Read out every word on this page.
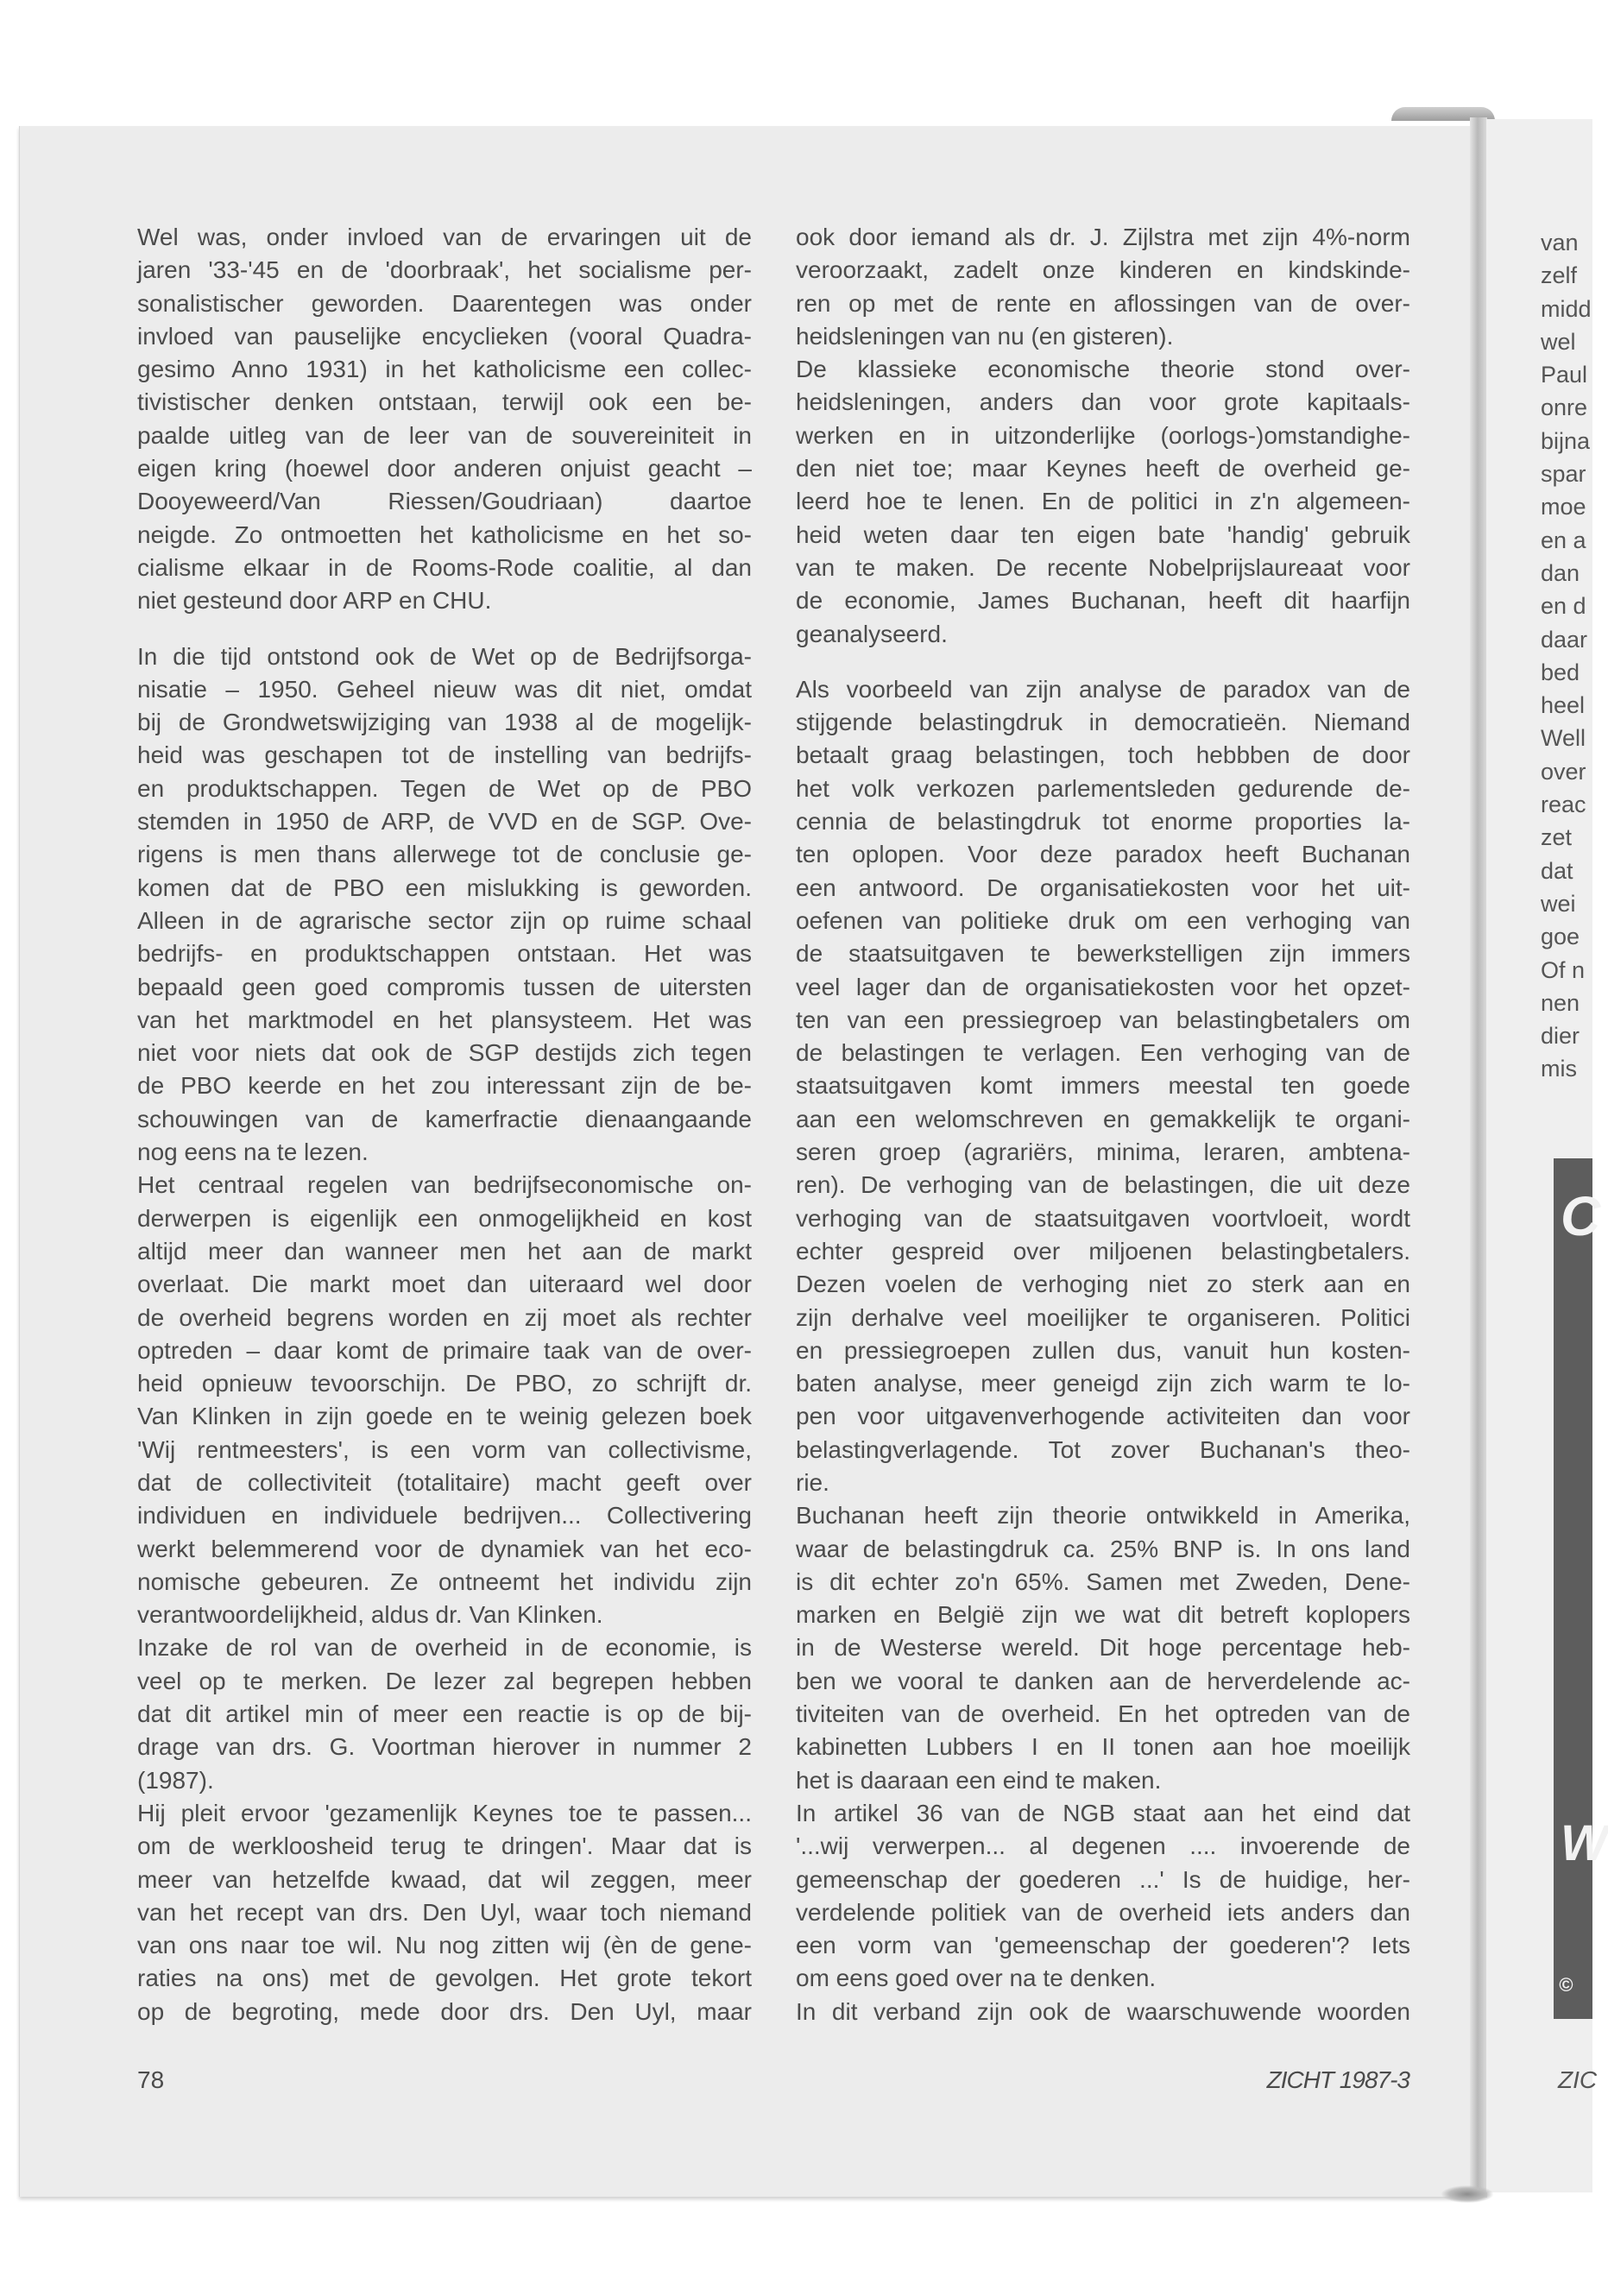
Wel was, onder invloed van de ervaringen uit de
jaren '33-'45 en de 'doorbraak', het socialisme per-
sonalistischer geworden. Daarentegen was onder
invloed van pauselijke encyclieken (vooral Quadra-
gesimo Anno 1931) in het katholicisme een collec-
tivistischer denken ontstaan, terwijl ook een be-
paalde uitleg van de leer van de souvereiniteit in
eigen kring (hoewel door anderen onjuist geacht –
Dooyeweerd/Van Riessen/Goudriaan) daartoe
neigde. Zo ontmoetten het katholicisme en het so-
cialisme elkaar in de Rooms-Rode coalitie, al dan
niet gesteund door ARP en CHU.
In die tijd ontstond ook de Wet op de Bedrijfsorga-
nisatie – 1950. Geheel nieuw was dit niet, omdat
bij de Grondwetswijziging van 1938 al de mogelijk-
heid was geschapen tot de instelling van bedrijfs-
en produktschappen. Tegen de Wet op de PBO
stemden in 1950 de ARP, de VVD en de SGP. Ove-
rigens is men thans allerwege tot de conclusie ge-
komen dat de PBO een mislukking is geworden.
Alleen in de agrarische sector zijn op ruime schaal
bedrijfs- en produktschappen ontstaan. Het was
bepaald geen goed compromis tussen de uitersten
van het marktmodel en het plansysteem. Het was
niet voor niets dat ook de SGP destijds zich tegen
de PBO keerde en het zou interessant zijn de be-
schouwingen van de kamerfractie dienaangaande
nog eens na te lezen.
Het centraal regelen van bedrijfseconomische on-
derwerpen is eigenlijk een onmogelijkheid en kost
altijd meer dan wanneer men het aan de markt
overlaat. Die markt moet dan uiteraard wel door
de overheid begrens worden en zij moet als rechter
optreden – daar komt de primaire taak van de over-
heid opnieuw tevoorschijn. De PBO, zo schrijft dr.
Van Klinken in zijn goede en te weinig gelezen boek
'Wij rentmeesters', is een vorm van collectivisme,
dat de collectiviteit (totalitaire) macht geeft over
individuen en individuele bedrijven... Collectivering
werkt belemmerend voor de dynamiek van het eco-
nomische gebeuren. Ze ontneemt het individu zijn
verantwoordelijkheid, aldus dr. Van Klinken.
Inzake de rol van de overheid in de economie, is
veel op te merken. De lezer zal begrepen hebben
dat dit artikel min of meer een reactie is op de bij-
drage van drs. G. Voortman hierover in nummer 2
(1987).
Hij pleit ervoor 'gezamenlijk Keynes toe te passen...
om de werkloosheid terug te dringen'. Maar dat is
meer van hetzelfde kwaad, dat wil zeggen, meer
van het recept van drs. Den Uyl, waar toch niemand
van ons naar toe wil. Nu nog zitten wij (èn de gene-
raties na ons) met de gevolgen. Het grote tekort
op de begroting, mede door drs. Den Uyl, maar
ook door iemand als dr. J. Zijlstra met zijn 4%-norm
veroorzaakt, zadelt onze kinderen en kindskinde-
ren op met de rente en aflossingen van de over-
heidsleningen van nu (en gisteren).
De klassieke economische theorie stond over-
heidsleningen, anders dan voor grote kapitaals-
werken en in uitzonderlijke (oorlogs-)omstandighe-
den niet toe; maar Keynes heeft de overheid ge-
leerd hoe te lenen. En de politici in z'n algemeen-
heid weten daar ten eigen bate 'handig' gebruik
van te maken. De recente Nobelprijslaureaat voor
de economie, James Buchanan, heeft dit haarfijn
geanalyseerd.
Als voorbeeld van zijn analyse de paradox van de
stijgende belastingdruk in democratieën. Niemand
betaalt graag belastingen, toch hebbben de door
het volk verkozen parlementsleden gedurende de-
cennia de belastingdruk tot enorme proporties la-
ten oplopen. Voor deze paradox heeft Buchanan
een antwoord. De organisatiekosten voor het uit-
oefenen van politieke druk om een verhoging van
de staatsuitgaven te bewerkstelligen zijn immers
veel lager dan de organisatiekosten voor het opzet-
ten van een pressiegroep van belastingbetalers om
de belastingen te verlagen. Een verhoging van de
staatsuitgaven komt immers meestal ten goede
aan een welomschreven en gemakkelijk te organi-
seren groep (agrariërs, minima, leraren, ambtena-
ren). De verhoging van de belastingen, die uit deze
verhoging van de staatsuitgaven voortvloeit, wordt
echter gespreid over miljoenen belastingbetalers.
Dezen voelen de verhoging niet zo sterk aan en
zijn derhalve veel moeilijker te organiseren. Politici
en pressiegroepen zullen dus, vanuit hun kosten-
baten analyse, meer geneigd zijn zich warm te lo-
pen voor uitgavenverhogende activiteiten dan voor
belastingverlagende. Tot zover Buchanan's theo-
rie.
Buchanan heeft zijn theorie ontwikkeld in Amerika,
waar de belastingdruk ca. 25% BNP is. In ons land
is dit echter zo'n 65%. Samen met Zweden, Dene-
marken en België zijn we wat dit betreft koplopers
in de Westerse wereld. Dit hoge percentage heb-
ben we vooral te danken aan de herverdelende ac-
tiviteiten van de overheid. En het optreden van de
kabinetten Lubbers I en II tonen aan hoe moeilijk
het is daaraan een eind te maken.
In artikel 36 van de NGB staat aan het eind dat
'...wij verwerpen... al degenen .... invoerende de
gemeenschap der goederen ...' Is de huidige, her-
verdelende politiek van de overheid iets anders dan
een vorm van 'gemeenschap der goederen'? Iets
om eens goed over na te denken.
In dit verband zijn ook de waarschuwende woorden
78	ZICHT 1987-3
van
zelf
midd
wel
Paul
onre
bijna
spar
moe
en a
dan
en d
daar
bed
heel
Well
over
reac
zet
dat
wei
goe
Of n
nen
dier
mis
C
W
©
ZIC
